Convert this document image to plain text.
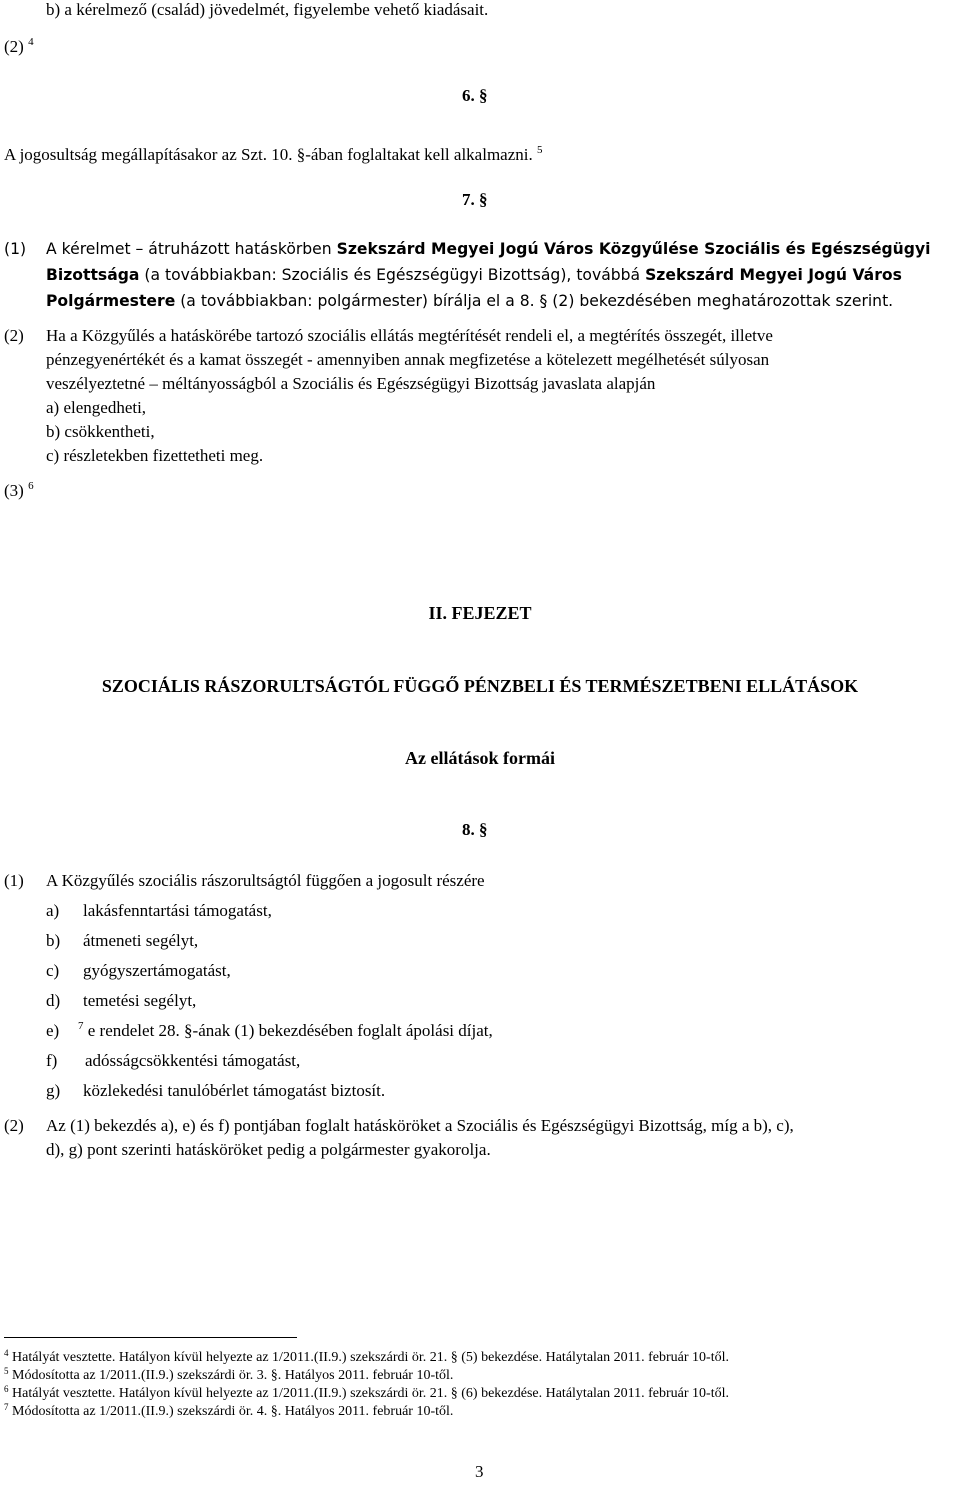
b) a kérelmező (család) jövedelmét, figyelembe vehető kiadásait.
(2) $^4$
6. §
A jogosultság megállapításakor az Szt. 10. §-ában foglaltakat kell alkalmazni. $^5$
7. §
(1) A kérelmet – átruházott hatáskörben Szekszárd Megyei Jogú Város Közgyűlése Szociális és Egészségügyi
Bizottsága (a továbbiakban: Szociális és Egészségügyi Bizottság), továbbá Szekszárd Megyei Jogú Város
Polgármestere (a továbbiakban: polgármester) bírálja el a 8. § (2) bekezdésében meghatározottak szerint.
(2) Ha a Közgyűlés a hatáskörébe tartozó szociális ellátás megtérítését rendeli el, a megtérítés összegét, illetve
pénzegyenértékét és a kamat összegét - amennyiben annak megfizetése a kötelezett megélhetését súlyosan
veszélyeztetné – méltányosságból a Szociális és Egészségügyi Bizottság javaslata alapján
a) elengedheti,
b) csökkentheti,
c) részletekben fizettetheti meg.
(3) $^6$
II. FEJEZET
SZOCIÁLIS RÁSZORULTSÁGTÓL FÜGGŐ PÉNZBELI ÉS TERMÉSZETBENI ELLÁTÁSOK
Az ellátások formái
8. §
(1) A Közgyűlés szociális rászorultságtól függően a jogosult részére
a) lakásfenntartási támogatást,
b) átmeneti segélyt,
c) gyógyszertámogatást,
d) temetési segélyt,
e) $^7$ e rendelet 28. §-ának (1) bekezdésében foglalt ápolási díjat,
f) adósságcsökkentési támogatást,
g) közlekedési tanulóbérlet támogatást biztosít.
(2) Az (1) bekezdés a), e) és f) pontjában foglalt hatásköröket a Szociális és Egészségügyi Bizottság, míg a b), c),
d), g) pont szerinti hatásköröket pedig a polgármester gyakorolja.
$^4$ Hatályát vesztette. Hatályon kívül helyezte az 1/2011.(II.9.) szekszárdi ör. 21. § (5) bekezdése. Hatálytalan 2011. február 10-től.
$^5$ Módosította az 1/2011.(II.9.) szekszárdi ör. 3. §. Hatályos 2011. február 10-től.
$^6$ Hatályát vesztette. Hatályon kívül helyezte az 1/2011.(II.9.) szekszárdi ör. 21. § (6) bekezdése. Hatálytalan 2011. február 10-től.
$^7$ Módosította az 1/2011.(II.9.) szekszárdi ör. 4. §. Hatályos 2011. február 10-től.
3
